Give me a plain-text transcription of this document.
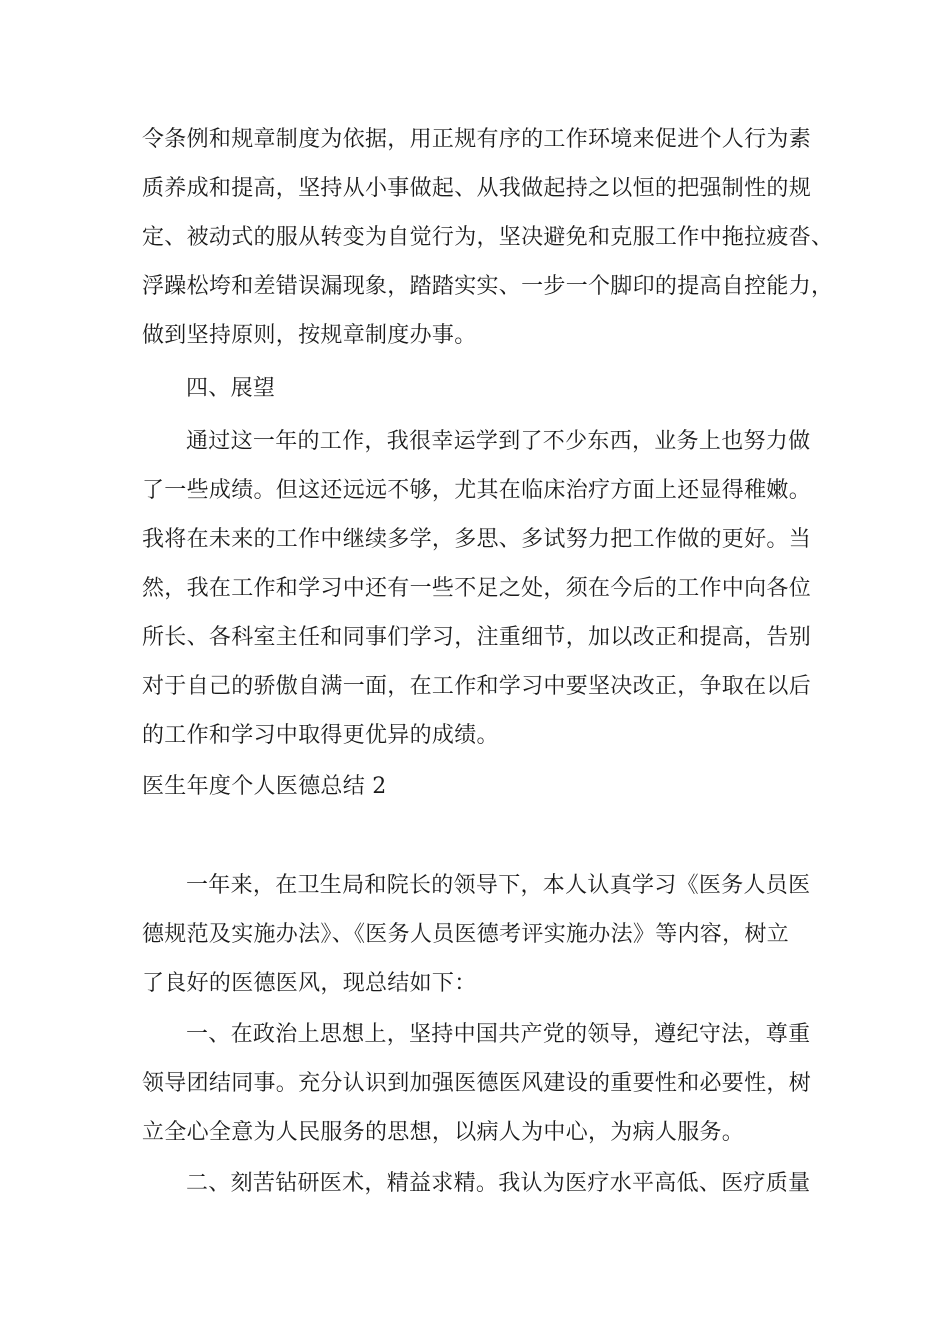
令条例和规章制度为依据，用正规有序的工作环境来促进个人行为素

质养成和提高，坚持从小事做起、从我做起持之以恒的把强制性的规

定、被动式的服从转变为自觉行为，坚决避免和克服工作中拖拉疲沓、

浮躁松垮和差错误漏现象，踏踏实实、一步一个脚印的提高自控能力，

做到坚持原则，按规章制度办事。

四、展望

通过这一年的工作，我很幸运学到了不少东西，业务上也努力做

了一些成绩。但这还远远不够，尤其在临床治疗方面上还显得稚嫩。

我将在未来的工作中继续多学，多思、多试努力把工作做的更好。当

然，我在工作和学习中还有一些不足之处，须在今后的工作中向各位

所长、各科室主任和同事们学习，注重细节，加以改正和提高，告别

对于自己的骄傲自满一面，在工作和学习中要坚决改正，争取在以后

的工作和学习中取得更优异的成绩。

医生年度个人医德总结 2

一年来，在卫生局和院长的领导下，本人认真学习《医务人员医

德规范及实施办法》、《医务人员医德考评实施办法》等内容，树立

了良好的医德医风，现总结如下：

一、在政治上思想上，坚持中国共产党的领导，遵纪守法，尊重

领导团结同事。充分认识到加强医德医风建设的重要性和必要性，树

立全心全意为人民服务的思想，以病人为中心，为病人服务。

二、刻苦钻研医术，精益求精。我认为医疗水平高低、医疗质量
